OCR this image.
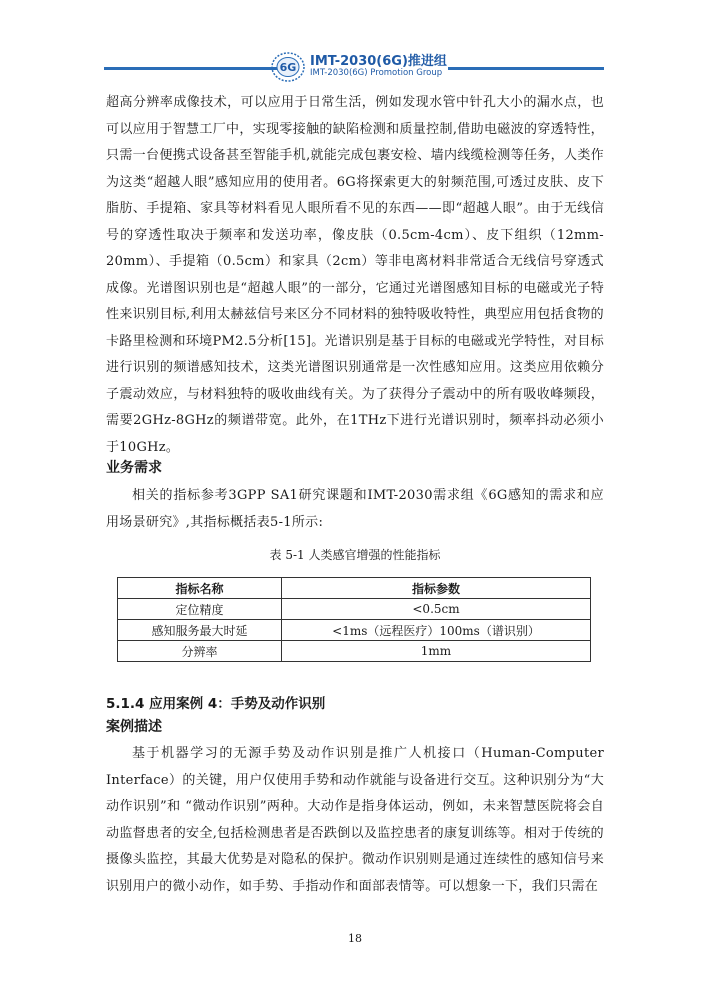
6G IMT-2030(6G)推进组
IMT-2030(6G) Promotion Group

超高分辨率成像技术，可以应用于日常生活，例如发现水管中针孔大小的漏水点，也可以应用于智慧工厂中，实现零接触的缺陷检测和质量控制,借助电磁波的穿透特性，只需一台便携式设备甚至智能手机,就能完成包裹安检、墙内线缆检测等任务，人类作为这类“超越人眼”感知应用的使用者。6G将探索更大的射频范围,可透过皮肤、皮下脂肪、手提箱、家具等材料看见人眼所看不见的东西——即“超越人眼”。由于无线信号的穿透性取决于频率和发送功率，像皮肤（0.5cm-4cm）、皮下组织（12mm-20mm）、手提箱（0.5cm）和家具（2cm）等非电离材料非常适合无线信号穿透式成像。光谱图识别也是“超越人眼”的一部分，它通过光谱图感知目标的电磁或光子特性来识别目标,利用太赫兹信号来区分不同材料的独特吸收特性，典型应用包括食物的卡路里检测和环境PM2.5分析[15]。光谱识别是基于目标的电磁或光学特性，对目标进行识别的频谱感知技术，这类光谱图识别通常是一次性感知应用。这类应用依赖分子震动效应，与材料独特的吸收曲线有关。为了获得分子震动中的所有吸收峰频段，需要2GHz-8GHz的频谱带宽。此外，在1THz下进行光谱识别时，频率抖动必须小于10GHz。

业务需求

相关的指标参考3GPP SA1研究课题和IMT-2030需求组《6G感知的需求和应用场景研究》,其指标概括表5-1所示:

表 5-1 人类感官增强的性能指标
指标名称	指标参数
定位精度	<0.5cm
感知服务最大时延	<1ms（远程医疗）100ms（谱识别）
分辨率	1mm
5.1.4 应用案例 4：手势及动作识别
案例描述

基于机器学习的无源手势及动作识别是推广人机接口（Human-Computer Interface）的关键，用户仅使用手势和动作就能与设备进行交互。这种识别分为“大动作识别”和 “微动作识别”两种。大动作是指身体运动，例如，未来智慧医院将会自动监督患者的安全,包括检测患者是否跌倒以及监控患者的康复训练等。相对于传统的摄像头监控，其最大优势是对隐私的保护。微动作识别则是通过连续性的感知信号来识别用户的微小动作，如手势、手指动作和面部表情等。可以想象一下，我们只需在

18
